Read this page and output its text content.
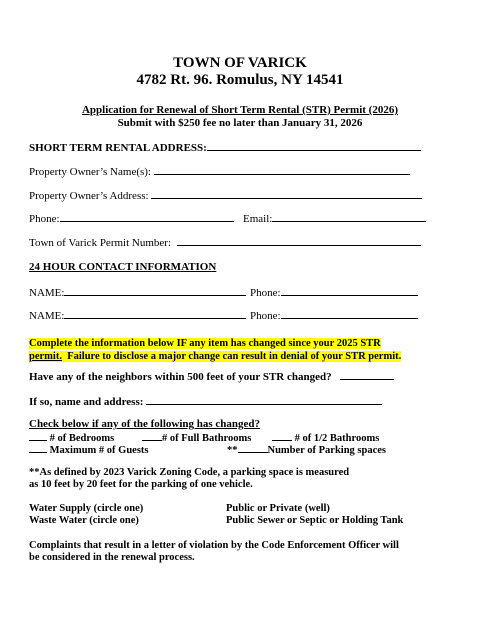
TOWN OF VARICK
4782 Rt. 96. Romulus, NY 14541
Application for Renewal of Short Term Rental (STR) Permit (2026)
Submit with $250 fee no later than January 31, 2026
SHORT TERM RENTAL ADDRESS:
Property Owner’s Name(s):
Property Owner’s Address:
Phone:	Email:
Town of Varick Permit Number:
24 HOUR CONTACT INFORMATION
NAME:	Phone:
NAME:	Phone:
Complete the information below IF any item has changed since your 2025 STR
permit. Failure to disclose a major change can result in denial of your STR permit.
Have any of the neighbors within 500 feet of your STR changed?
If so, name and address:
Check below if any of the following has changed?
# of Bedrooms	# of Full Bathrooms	# of 1/2 Bathrooms
Maximum # of Guests	**	Number of Parking spaces
**As defined by 2023 Varick Zoning Code, a parking space is measured
as 10 feet by 20 feet for the parking of one vehicle.
Water Supply (circle one)	Public or Private (well)
Waste Water (circle one)	Public Sewer or Septic or Holding Tank
Complaints that result in a letter of violation by the Code Enforcement Officer will
be considered in the renewal process.
